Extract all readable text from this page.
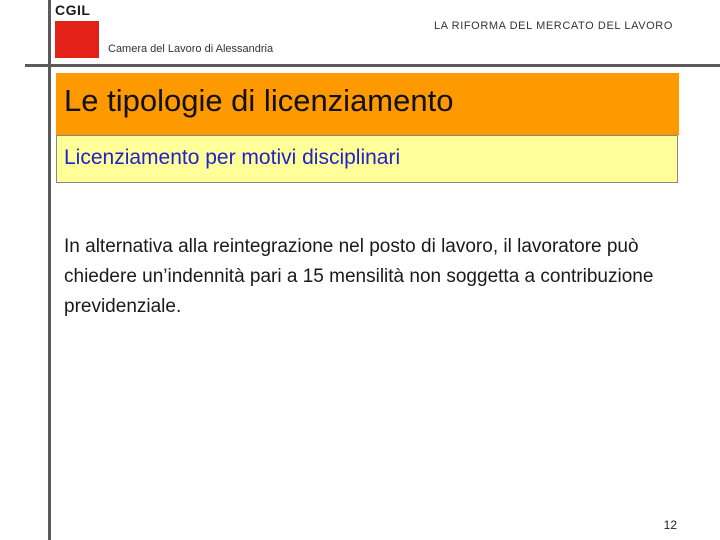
CGIL
LA RIFORMA DEL MERCATO DEL LAVORO
Camera del Lavoro di Alessandria
Le tipologie di licenziamento
Licenziamento per motivi disciplinari
In alternativa alla reintegrazione nel posto di lavoro, il lavoratore può chiedere un’indennità pari a 15 mensilità non soggetta a contribuzione previdenziale.
12
